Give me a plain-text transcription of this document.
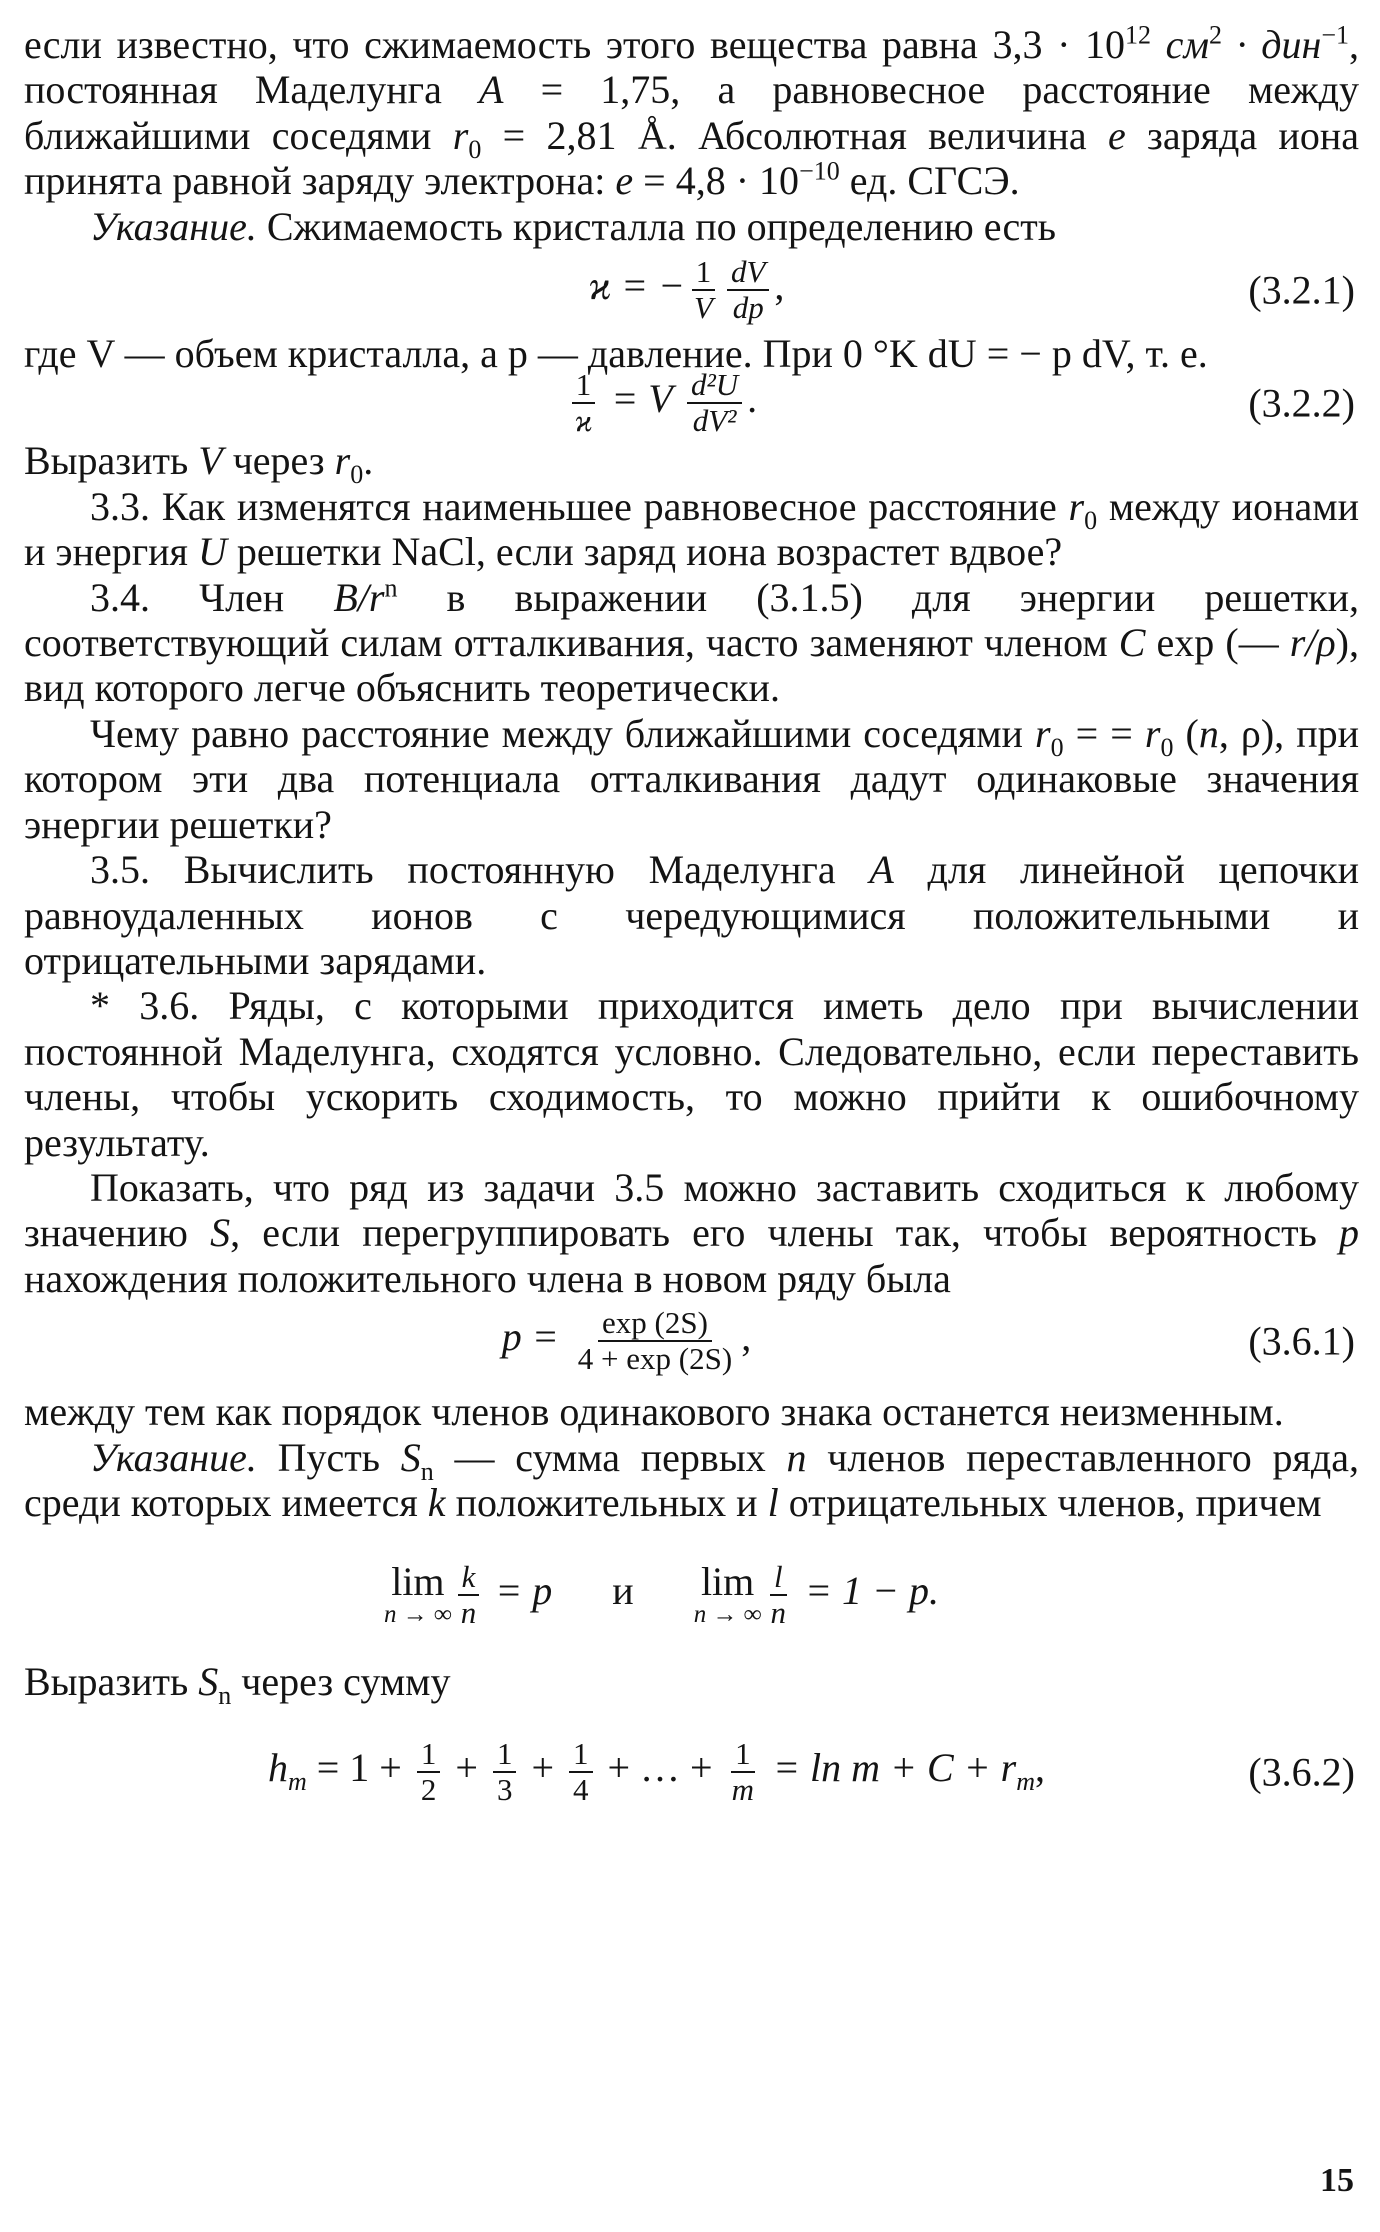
если известно, что сжимаемость этого вещества равна $3,3 \cdot 10^{12}$ $см^2 \cdot дин^{-1}$, постоянная Маделунга A = 1,75, а равновесное расстояние между ближайшими соседями $r_0 = 2,81$ Å. Абсолютная величина e заряда иона принята равной заряду электрона: $e = 4,8 \cdot 10^{-10}$ ед. СГСЭ.

Указание. Сжимаемость кристалла по определению есть

ϰ = − $\frac{1}{V} \frac{dV}{dp}$ ,	(3.2.1)

где V — объем кристалла, а p — давление. При 0 °K dU = − p dV, т. е.

$\frac{1}{ϰ} = V \frac{\text{d²U}}{\text{dV²}}$ .	(3.2.2)

Выразить V через $r_0$.

3.3. Как изменятся наименьшее равновесное расстояние $r_0$ между ионами и энергия U решетки NaCl, если заряд иона возрастет вдвое?

3.4. Член $B/r^n$ в выражении (3.1.5) для энергии решетки, соответствующий силам отталкивания, часто заменяют членом C exp (— r/ρ), вид которого легче объяснить теоретически.

Чему равно расстояние между ближайшими соседями $r_0$ = = $r_0$ (n, ρ), при котором эти два потенциала отталкивания дадут одинаковые значения энергии решетки?

3.5. Вычислить постоянную Маделунга A для линейной цепочки равноудаленных ионов с чередующимися положительными и отрицательными зарядами.

* 3.6. Ряды, с которыми приходится иметь дело при вычислении постоянной Маделунга, сходятся условно. Следовательно, если переставить члены, чтобы ускорить сходимость, то можно прийти к ошибочному результату.

Показать, что ряд из задачи 3.5 можно заставить сходиться к любому значению S, если перегруппировать его члены так, чтобы вероятность p нахождения положительного члена в новом ряду была

$p = \frac{\exp (2S)}{4 + \exp (2S)}$ ,	(3.6.1)

между тем как порядок членов одинакового знака останется неизменным.

Указание. Пусть $S_n$ — сумма первых n членов переставленного ряда, среди которых имеется k положительных и l отрицательных членов, причем

lim
n → ∞ $\frac{k}{n} = p$ и lim
n → ∞ $\frac{l}{n} = 1 - p$.

Выразить $S_n$ через сумму

$h_m = 1 + \frac{1}{2} + \frac{1}{3} + \frac{1}{4}$ + … + $\frac{1}{m} = \ln m + C + r_m$,	(3.6.2)
15
